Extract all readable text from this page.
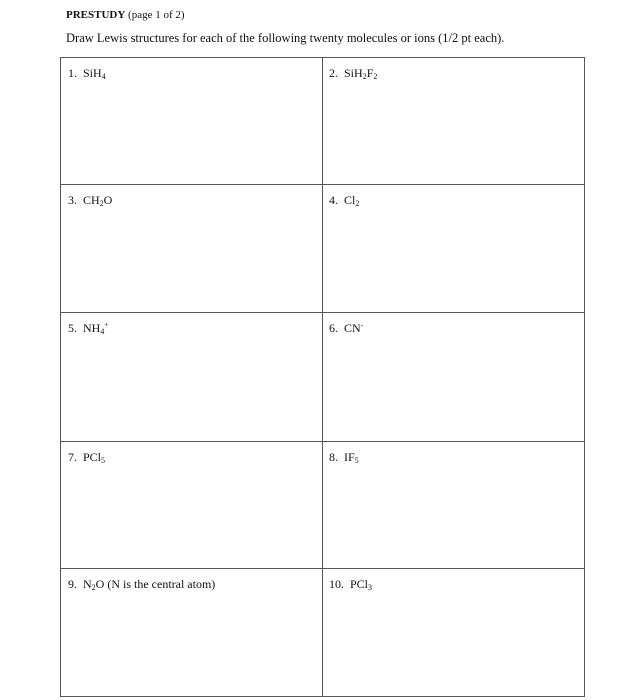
PRESTUDY (page 1 of 2)
Draw Lewis structures for each of the following twenty molecules or ions (1/2 pt each).
1. SiH$_4$	2. $SiH_2F_2$
3. $CH_2O$	4. $Cl_2$
5. $NH_4^+$	6. CN-
7. PCl$_5$	8. $IF_5$
9. $N_2O$ (N is the central atom)	10. PCl$_3$
